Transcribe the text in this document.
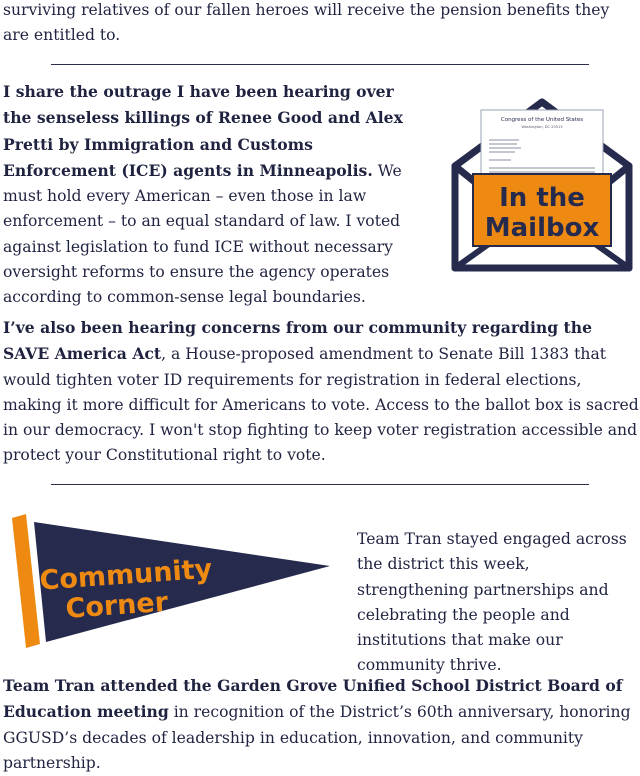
surviving relatives of our fallen heroes will receive the pension benefits they are entitled to.

I share the outrage I have been hearing over the senseless killings of Renee Good and Alex Pretti by Immigration and Customs Enforcement (ICE) agents in Minneapolis. We must hold every American – even those in law enforcement – to an equal standard of law. I voted against legislation to fund ICE without necessary oversight reforms to ensure the agency operates according to common-sense legal boundaries.

Congress of the United States
Washington, DC 20515
In the
Mailbox

I’ve also been hearing concerns from our community regarding the SAVE America Act, a House-proposed amendment to Senate Bill 1383 that would tighten voter ID requirements for registration in federal elections, making it more difficult for Americans to vote. Access to the ballot box is sacred in our democracy. I won't stop fighting to keep voter registration accessible and protect your Constitutional right to vote.

Community
Corner

Team Tran stayed engaged across the district this week, strengthening partnerships and celebrating the people and institutions that make our community thrive.

Team Tran attended the Garden Grove Unified School District Board of Education meeting in recognition of the District’s 60th anniversary, honoring GGUSD’s decades of leadership in education, innovation, and community partnership.
